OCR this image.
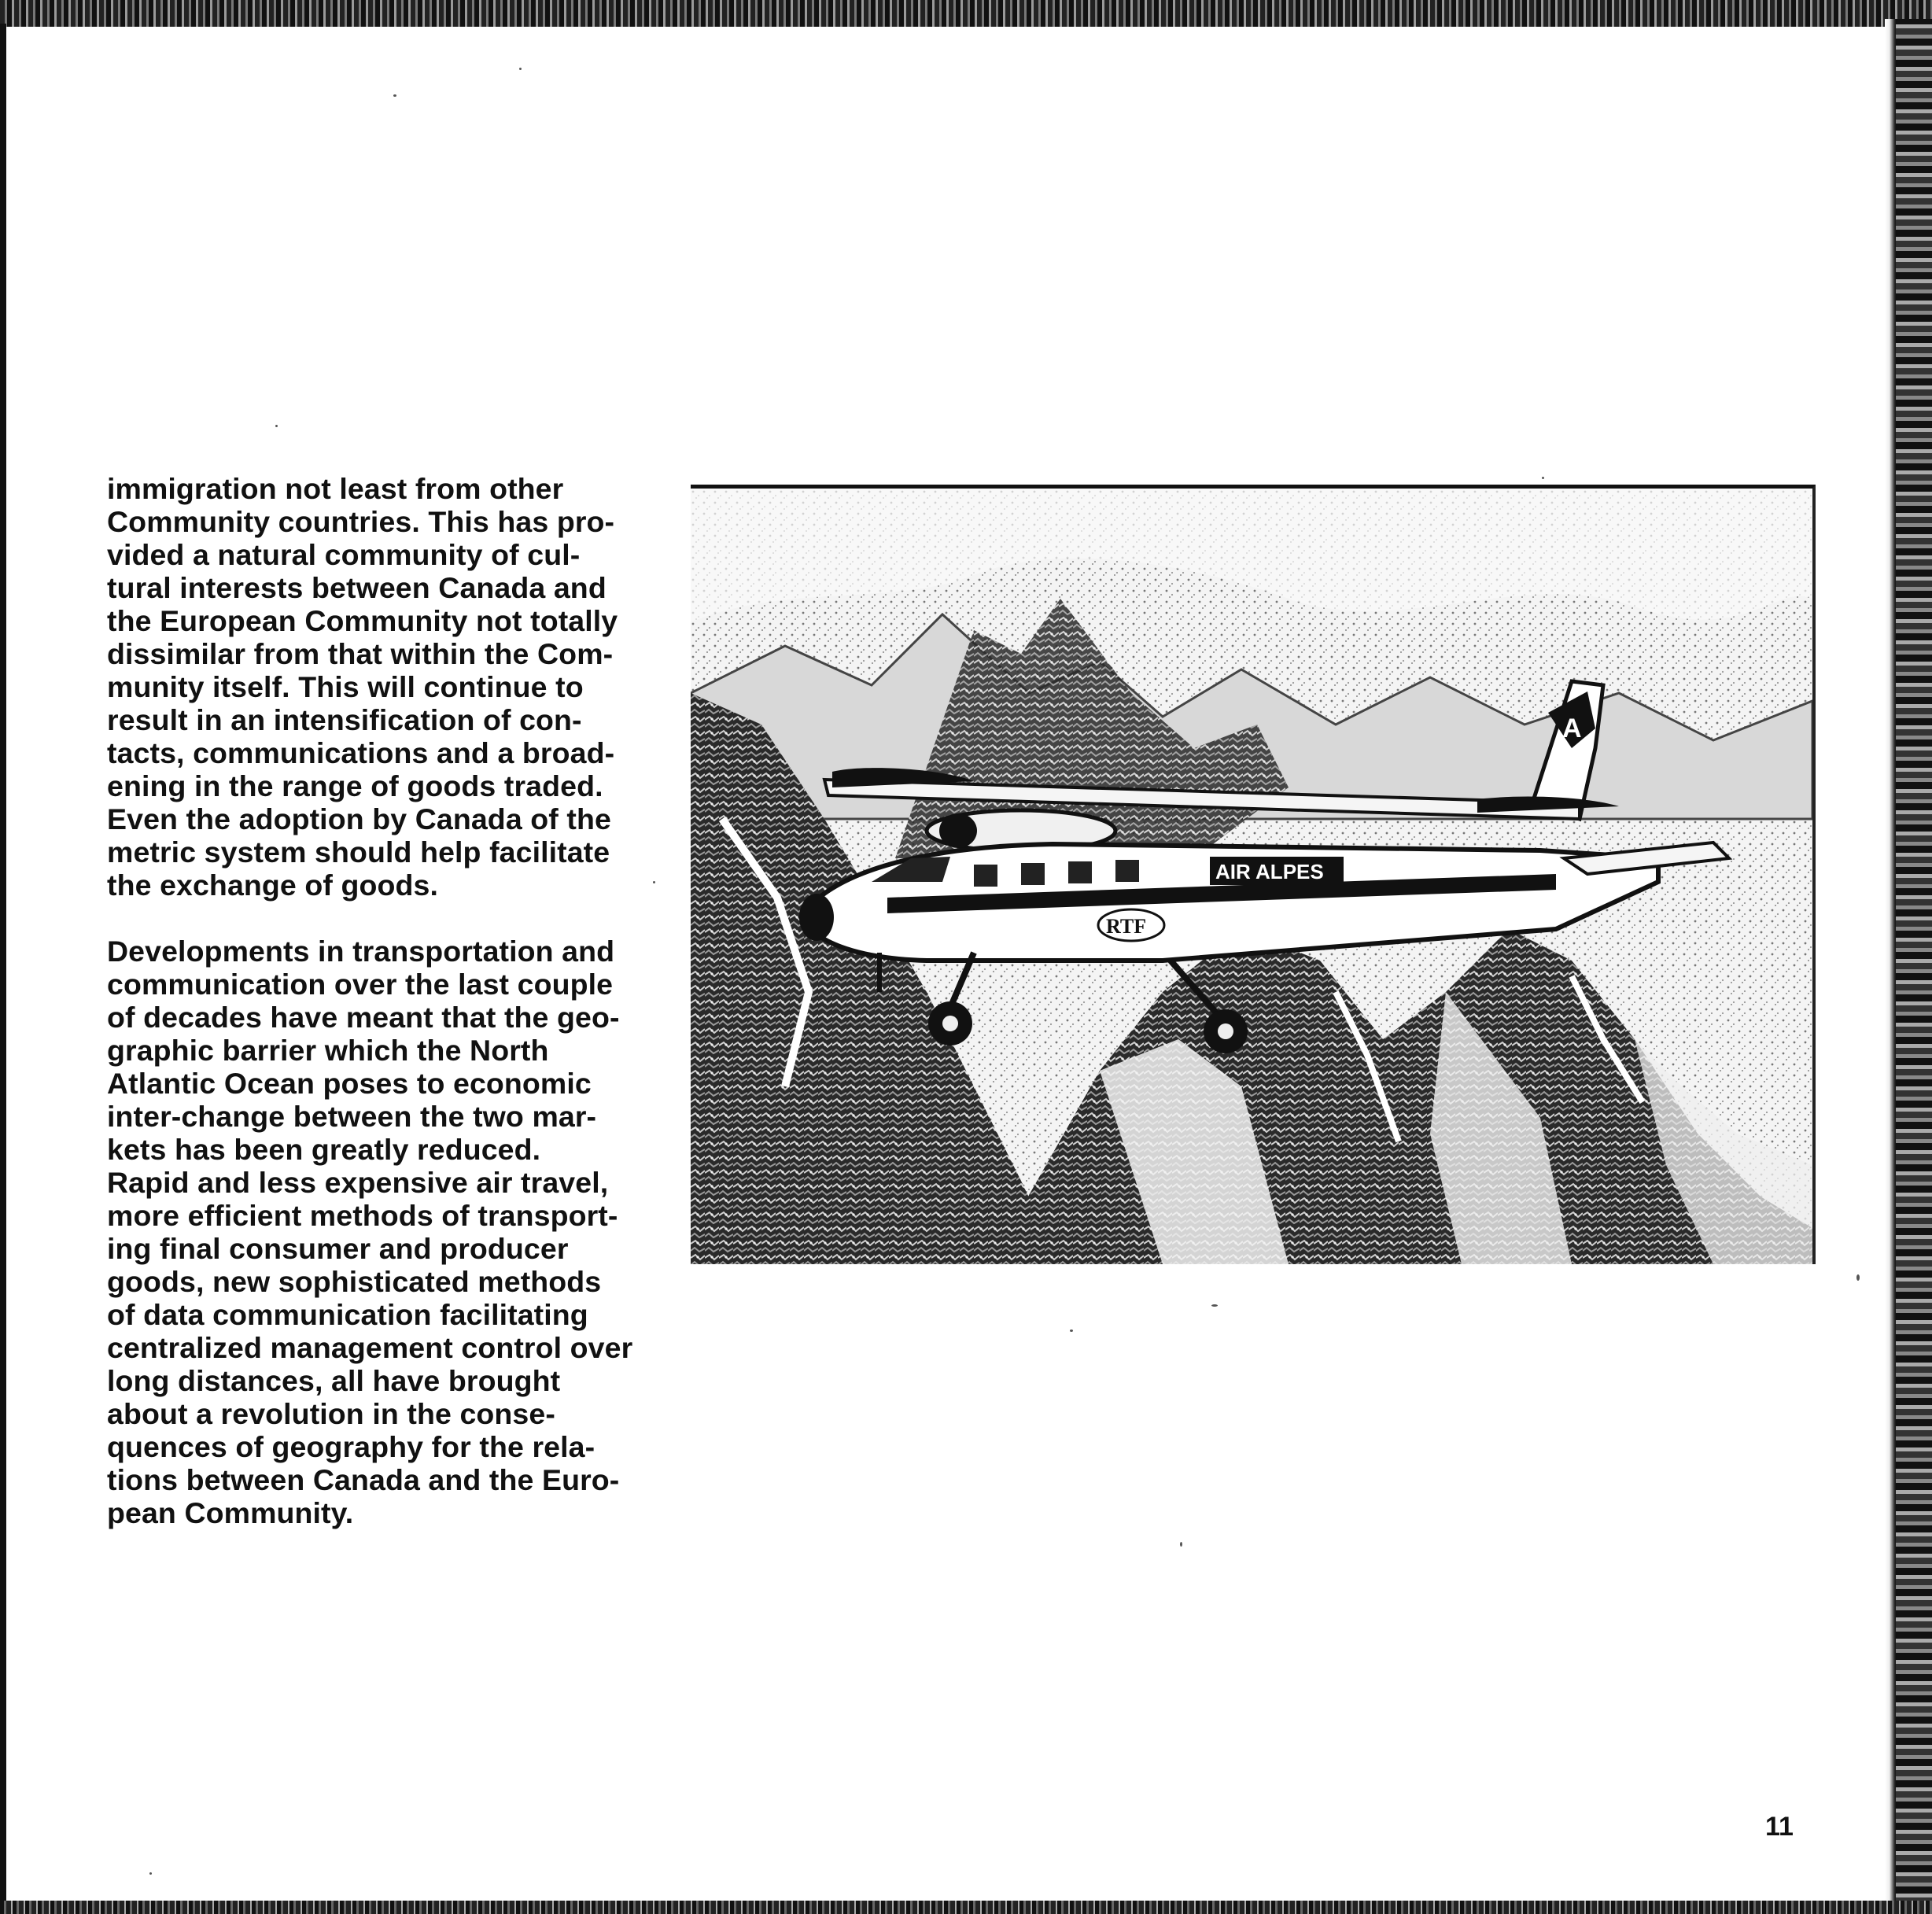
immigration not least from other
Community countries. This has pro-
vided a natural community of cul-
tural interests between Canada and
the European Community not totally
dissimilar from that within the Com-
munity itself. This will continue to
result in an intensification of con-
tacts, communications and a broad-
ening in the range of goods traded.
Even the adoption by Canada of the
metric system should help facilitate
the exchange of goods.

Developments in transportation and
communication over the last couple
of decades have meant that the geo-
graphic barrier which the North
Atlantic Ocean poses to economic
inter-change between the two mar-
kets has been greatly reduced.
Rapid and less expensive air travel,
more efficient methods of transport-
ing final consumer and producer
goods, new sophisticated methods
of data communication facilitating
centralized management control over
long distances, all have brought
about a revolution in the conse-
quences of geography for the rela-
tions between Canada and the Euro-
pean Community.

A
AIR ALPES
RTF
11
